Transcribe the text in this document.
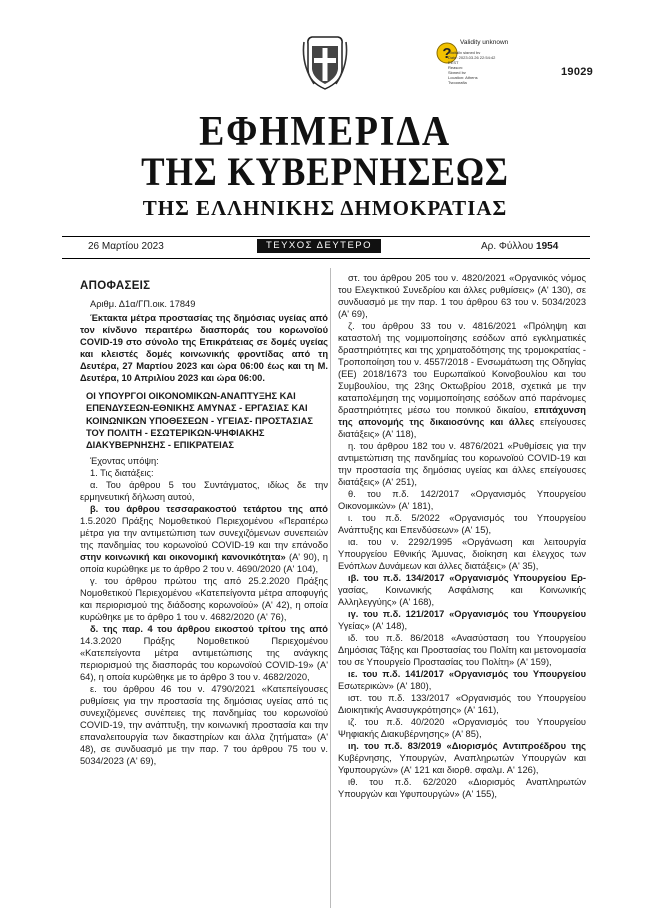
?
Validity unknown
Digitally signed by
Date: 2023.03.26 22:54:42
EEST
Reason:
Signed by
Location: Athens
Typografia
19029
ΕΦΗΜΕΡΙΔΑ
ΤΗΣ ΚΥΒΕΡΝΗΣΕΩΣ
ΤΗΣ ΕΛΛΗΝΙΚΗΣ ΔΗΜΟΚΡΑΤΙΑΣ
26 Μαρτίου 2023	ΤΕΥΧΟΣ ΔΕΥΤΕΡΟ	Αρ. Φύλλου 1954

ΑΠΟΦΑΣΕΙΣ

Αριθμ. Δ1α/ΓΠ.οικ. 17849

Έκτακτα μέτρα προστασίας της δημόσιας υγείας από τον κίνδυνο περαιτέρω διασποράς του κορωνοϊού COVID-19 στο σύνολο της Επικράτειας σε δομές υγείας και κλειστές δομές κοινωνικής φροντίδας από τη Δευτέρα, 27 Μαρτίου 2023 και ώρα 06:00 έως και τη Μ. Δευτέρα, 10 Απριλίου 2023 και ώρα 06:00.

ΟΙ ΥΠΟΥΡΓΟΙ ΟΙΚΟΝΟΜΙΚΩΝ-ΑΝΑΠΤΥΞΗΣ ΚΑΙ ΕΠΕΝΔΥΣΕΩΝ-ΕΘΝΙΚΗΣ ΑΜΥΝΑΣ - ΕΡΓΑΣΙΑΣ ΚΑΙ ΚΟΙΝΩΝΙΚΩΝ ΥΠΟΘΕΣΕΩΝ - ΥΓΕΙΑΣ- ΠΡΟΣΤΑΣΙΑΣ ΤΟΥ ΠΟΛΙΤΗ - ΕΣΩΤΕΡΙΚΩΝ-ΨΗΦΙΑΚΗΣ ΔΙΑΚΥΒΕΡΝΗΣΗΣ - ΕΠΙΚΡΑΤΕΙΑΣ

Έχοντας υπόψη:

1. Τις διατάξεις:

α. Του άρθρου 5 του Συντάγματος, ιδίως δε την ερμηνευτική δήλωση αυτού,

β. του άρθρου τεσσαρακοστού τετάρτου της από 1.5.2020 Πράξης Νομοθετικού Περιεχομένου «Περαιτέρω μέτρα για την αντιμετώπιση των συνεχιζόμενων συνεπειών της πανδημίας του κορωνοϊού COVID-19 και την επάνοδο στην κοινωνική και οικονομική κανονικότητα» (Α' 90), η οποία κυρώθηκε με το άρθρο 2 του ν. 4690/2020 (Α' 104),

γ. του άρθρου πρώτου της από 25.2.2020 Πράξης Νομοθετικού Περιεχομένου «Κατεπείγοντα μέτρα αποφυγής και περιορισμού της διάδοσης κορωνοϊού» (Α' 42), η οποία κυρώθηκε με το άρθρο 1 του ν. 4682/2020 (Α' 76),

δ. της παρ. 4 του άρθρου εικοστού τρίτου της από 14.3.2020 Πράξης Νομοθετικού Περιεχομένου «Κατεπείγοντα μέτρα αντιμετώπισης της ανάγκης περιορισμού της διασποράς του κορωνοϊού COVID-19» (Α' 64), η οποία κυρώθηκε με το άρθρο 3 του ν. 4682/2020,

ε. του άρθρου 46 του ν. 4790/2021 «Κατεπείγουσες ρυθμίσεις για την προστασία της δημόσιας υγείας από τις συνεχιζόμενες συνέπειες της πανδημίας του κορωνοϊού COVID-19, την ανάπτυξη, την κοινωνική προστασία και την επαναλειτουργία των δικαστηρίων και άλλα ζητήματα» (Α' 48), σε συνδυασμό με την παρ. 7 του άρθρου 75 του ν. 5034/2023 (Α' 69),

στ. του άρθρου 205 του ν. 4820/2021 «Οργανικός νόμος του Ελεγκτικού Συνεδρίου και άλλες ρυθμίσεις» (Α' 130), σε συνδυασμό με την παρ. 1 του άρθρου 63 του ν. 5034/2023 (Α' 69),

ζ. του άρθρου 33 του ν. 4816/2021 «Πρόληψη και καταστολή της νομιμοποίησης εσόδων από εγκληματικές δραστηριότητες και της χρηματοδότησης της τρομοκρατίας - Τροποποίηση του ν. 4557/2018 - Ενσωμάτωση της Οδηγίας (ΕΕ) 2018/1673 του Ευρωπαϊκού Κοινοβουλίου και του Συμβουλίου, της 23ης Οκτωβρίου 2018, σχετικά με την καταπολέμηση της νομιμοποίησης εσόδων από παράνομες δραστηριότητες μέσω του ποινικού δικαίου, επιτάχυνση της απονομής της δικαιοσύνης και άλλες επείγουσες διατάξεις» (Α' 118),

η. του άρθρου 182 του ν. 4876/2021 «Ρυθμίσεις για την αντιμετώπιση της πανδημίας του κορωνοϊού COVID-19 και την προστασία της δημόσιας υγείας και άλλες επείγουσες διατάξεις» (Α' 251),

θ. του π.δ. 142/2017 «Οργανισμός Υπουργείου Οικονομικών» (Α' 181),

ι. του π.δ. 5/2022 «Οργανισμός του Υπουργείου Ανάπτυξης και Επενδύσεων» (Α' 15),

ια. του ν. 2292/1995 «Οργάνωση και λειτουργία Υπουργείου Εθνικής Άμυνας, διοίκηση και έλεγχος των Ενόπλων Δυνάμεων και άλλες διατάξεις» (Α' 35),

ιβ. του π.δ. 134/2017 «Οργανισμός Υπουργείου Ερ- γασίας, Κοινωνικής Ασφάλισης και Κοινωνικής Αλληλεγγύης» (Α' 168),

ιγ. του π.δ. 121/2017 «Οργανισμός του Υπουργείου Υγείας» (Α' 148),

ιδ. του π.δ. 86/2018 «Ανασύσταση του Υπουργείου Δημόσιας Τάξης και Προστασίας του Πολίτη και μετονομασία του σε Υπουργείο Προστασίας του Πολίτη» (Α' 159),

ιε. του π.δ. 141/2017 «Οργανισμός του Υπουργείου Εσωτερικών» (Α' 180),

ιστ. του π.δ. 133/2017 «Οργανισμός του Υπουργείου Διοικητικής Ανασυγκρότησης» (Α' 161),

ιζ. του π.δ. 40/2020 «Οργανισμός του Υπουργείου Ψηφιακής Διακυβέρνησης» (Α' 85),

ιη. του π.δ. 83/2019 «Διορισμός Αντιπροέδρου της Κυβέρνησης, Υπουργών, Αναπληρωτών Υπουργών και Υφυπουργών» (Α' 121 και διορθ. σφαλμ. Α' 126),

ιθ. του π.δ. 62/2020 «Διορισμός Αναπληρωτών Υπουργών και Υφυπουργών» (Α' 155),
